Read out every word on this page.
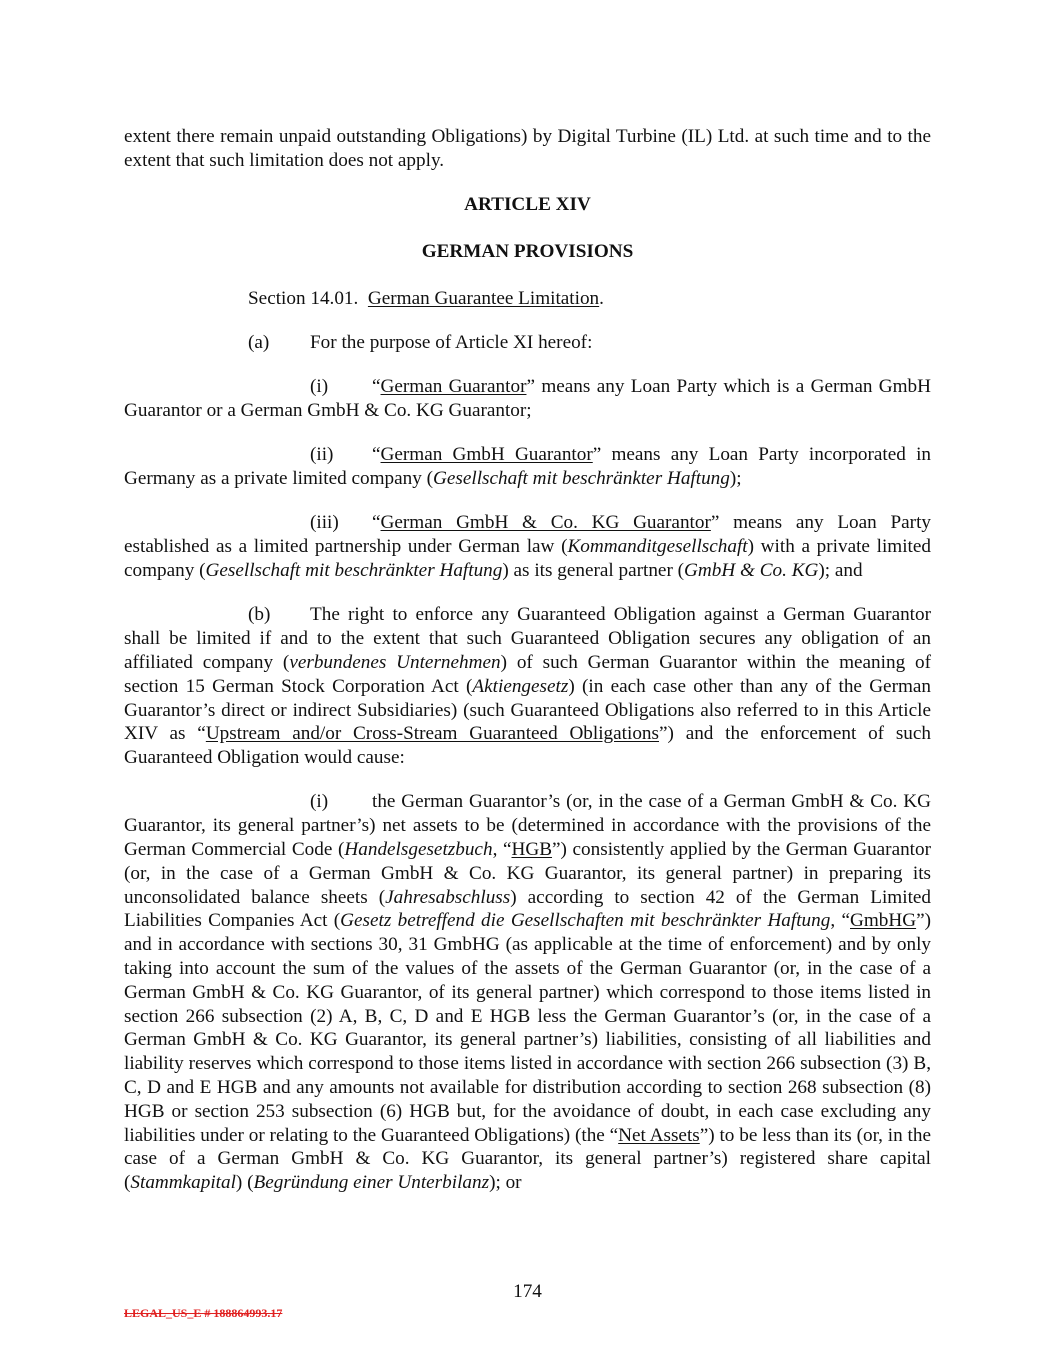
extent there remain unpaid outstanding Obligations) by Digital Turbine (IL) Ltd. at such time and to the extent that such limitation does not apply.

ARTICLE XIV

GERMAN PROVISIONS

Section 14.01. German Guarantee Limitation.

(a) For the purpose of Article XI hereof:

(i) “German Guarantor” means any Loan Party which is a German GmbH Guarantor or a German GmbH & Co. KG Guarantor;

(ii) “German GmbH Guarantor” means any Loan Party incorporated in Germany as a private limited company (Gesellschaft mit beschränkter Haftung);

(iii) “German GmbH & Co. KG Guarantor” means any Loan Party established as a limited partnership under German law (Kommanditgesellschaft) with a private limited company (Gesellschaft mit beschränkter Haftung) as its general partner (GmbH & Co. KG); and

(b) The right to enforce any Guaranteed Obligation against a German Guarantor shall be limited if and to the extent that such Guaranteed Obligation secures any obligation of an affiliated company (verbundenes Unternehmen) of such German Guarantor within the meaning of section 15 German Stock Corporation Act (Aktiengesetz) (in each case other than any of the German Guarantor’s direct or indirect Subsidiaries) (such Guaranteed Obligations also referred to in this Article XIV as “Upstream and/or Cross-Stream Guaranteed Obligations”) and the enforcement of such Guaranteed Obligation would cause:

(i) the German Guarantor’s (or, in the case of a German GmbH & Co. KG Guarantor, its general partner’s) net assets to be (determined in accordance with the provisions of the German Commercial Code (Handelsgesetzbuch, “HGB”) consistently applied by the German Guarantor (or, in the case of a German GmbH & Co. KG Guarantor, its general partner) in preparing its unconsolidated balance sheets (Jahresabschluss) according to section 42 of the German Limited Liabilities Companies Act (Gesetz betreffend die Gesellschaften mit beschränkter Haftung, “GmbHG”) and in accordance with sections 30, 31 GmbHG (as applicable at the time of enforcement) and by only taking into account the sum of the values of the assets of the German Guarantor (or, in the case of a German GmbH & Co. KG Guarantor, of its general partner) which correspond to those items listed in section 266 subsection (2) A, B, C, D and E HGB less the German Guarantor’s (or, in the case of a German GmbH & Co. KG Guarantor, its general partner’s) liabilities, consisting of all liabilities and liability reserves which correspond to those items listed in accordance with section 266 subsection (3) B, C, D and E HGB and any amounts not available for distribution according to section 268 subsection (8) HGB or section 253 subsection (6) HGB but, for the avoidance of doubt, in each case excluding any liabilities under or relating to the Guaranteed Obligations) (the “Net Assets”) to be less than its (or, in the case of a German GmbH & Co. KG Guarantor, its general partner’s) registered share capital (Stammkapital) (Begründung einer Unterbilanz); or

174
LEGAL_US_E # 188864993.17
